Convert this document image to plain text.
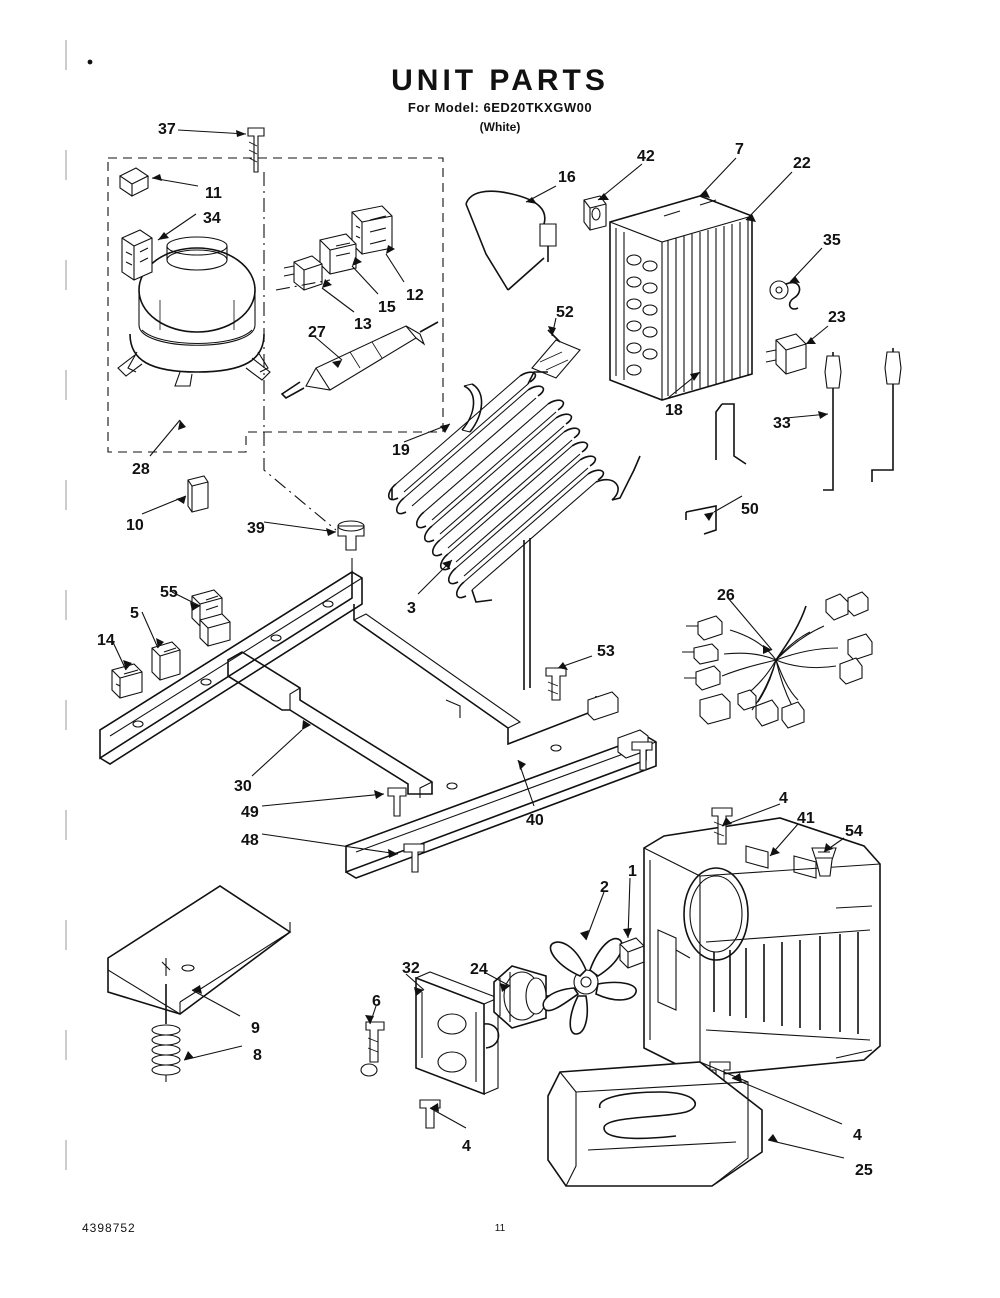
UNIT PARTS
For Model: 6ED20TKXGW00
(White)
4398752	11
37
11
34
16
42	7
22
35
23
12
15
13
27
52
18
33
19
28
50
10	39
55
5	3
26
14
53
30
49
48
40
4
41
54
2
1
24
32
6
9
8
4
4
25
